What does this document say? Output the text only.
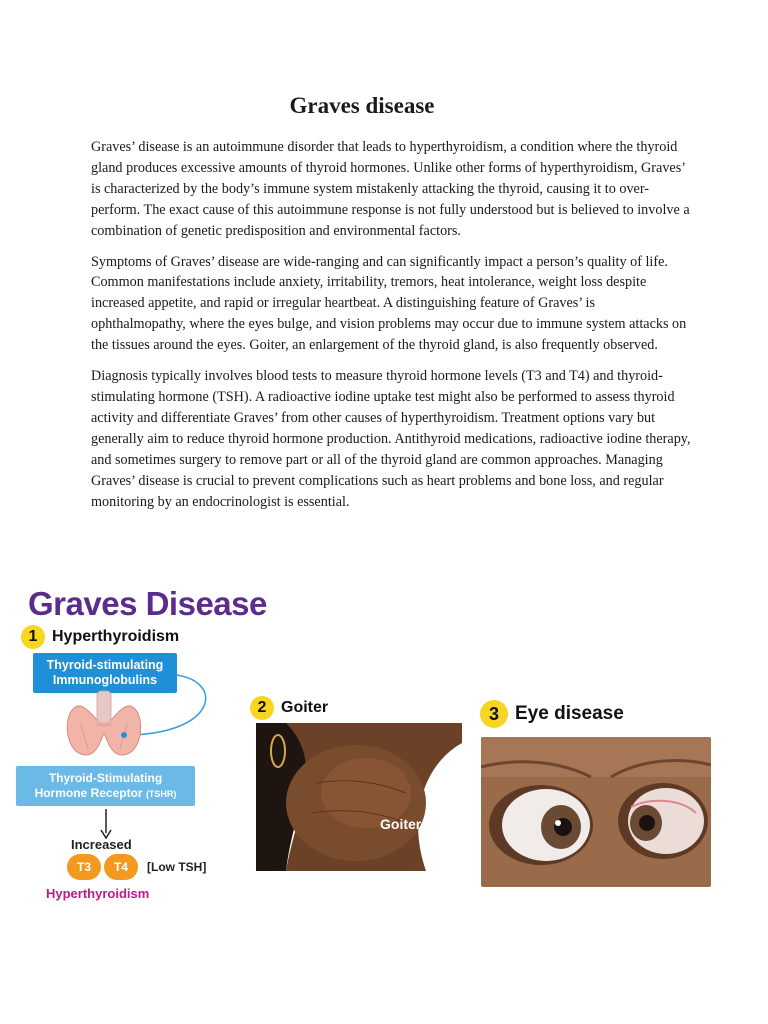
Graves disease

Graves’ disease is an autoimmune disorder that leads to hyperthyroidism, a condition where the thyroid gland produces excessive amounts of thyroid hormones. Unlike other forms of hyperthyroidism, Graves’ is characterized by the body’s immune system mistakenly attacking the thyroid, causing it to over-perform. The exact cause of this autoimmune response is not fully understood but is believed to involve a combination of genetic predisposition and environmental factors.

Symptoms of Graves’ disease are wide-ranging and can significantly impact a person’s quality of life. Common manifestations include anxiety, irritability, tremors, heat intolerance, weight loss despite increased appetite, and rapid or irregular heartbeat. A distinguishing feature of Graves’ is ophthalmopathy, where the eyes bulge, and vision problems may occur due to immune system attacks on the tissues around the eyes. Goiter, an enlargement of the thyroid gland, is also frequently observed.

Diagnosis typically involves blood tests to measure thyroid hormone levels (T3 and T4) and thyroid-stimulating hormone (TSH). A radioactive iodine uptake test might also be performed to assess thyroid activity and differentiate Graves’ from other causes of hyperthyroidism. Treatment options vary but generally aim to reduce thyroid hormone production. Antithyroid medications, radioactive iodine therapy, and sometimes surgery to remove part or all of the thyroid gland are common approaches. Managing Graves’ disease is crucial to prevent complications such as heart problems and bone loss, and regular monitoring by an endocrinologist is essential.

Graves Disease
1 Hyperthyroidism
Thyroid-stimulating
Immunoglobulins
Thyroid-Stimulating
Hormone Receptor (TSHR)
Increased
T3	T4	[Low TSH]
Hyperthyroidism
2 Goiter
Goiter
3 Eye disease
